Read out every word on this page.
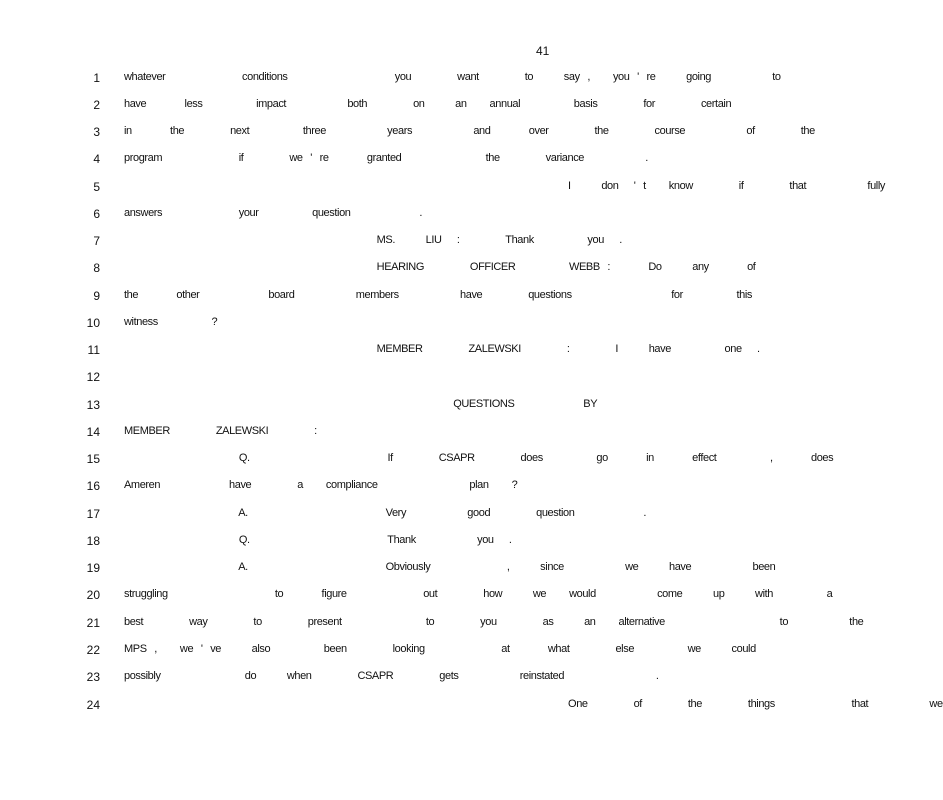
41
1 whatever          conditions              you      want      to    say ,   you ' re    going        to
2 have     less       impact        both      on    an   annual       basis      for      certain
3 in     the      next       three        years        and     over      the      course        of      the
4 program          if      we ' re     granted           the      variance        .
5 I    don  ' t   know      if      that        fully
6 answers          your       question         .
7 MS.    LIU  :      Thank       you  .
8 HEARING      OFFICER       WEBB :     Do    any     of
9 the     other         board        members        have      questions             for       this
10 witness       ?
11 MEMBER      ZALEWSKI      :      I    have       one  .
12
13 QUESTIONS         BY
14 MEMBER      ZALEWSKI      :
15 Q.                  If      CSAPR      does       go     in     effect       ,     does
16 Ameren         have      a   compliance            plan   ?
17 A.                  Very        good      question         .
18 Q.                  Thank        you  .
19 A.                  Obviously          ,    since        we    have        been
20 struggling              to     figure          out      how    we   would        come    up    with       a
21 best      way      to      present           to      you      as    an   alternative               to        the
22 MPS ,   we ' ve    also       been      looking          at     what      else       we    could
23 possibly           do    when      CSAPR      gets        reinstated            .
24 One      of      the      things          that        we
